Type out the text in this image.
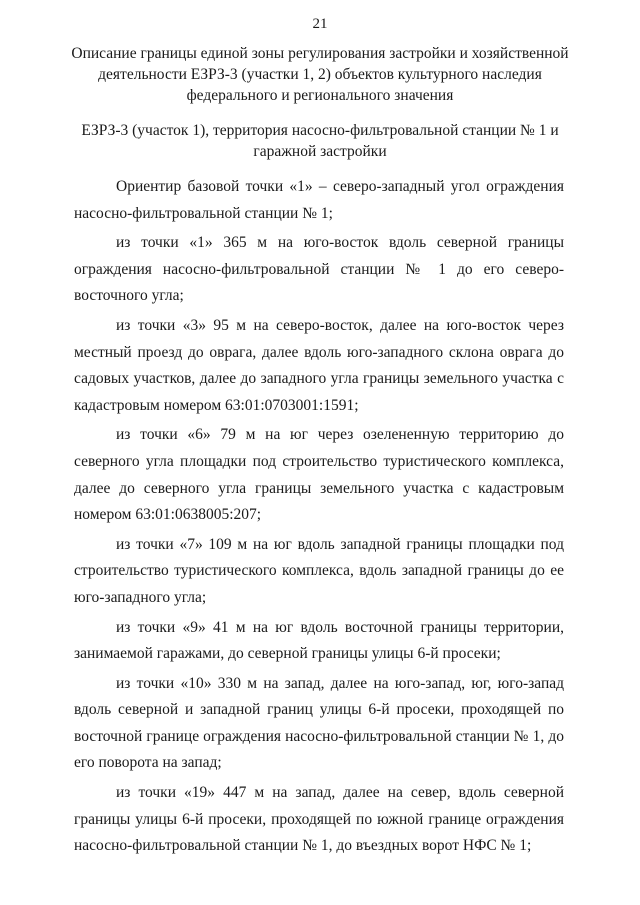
21
Описание границы единой зоны регулирования застройки и хозяйственной деятельности ЕЗРЗ-3 (участки 1, 2) объектов культурного наследия федерального и регионального значения
ЕЗРЗ-3 (участок 1), территория насосно-фильтровальной станции № 1 и гаражной застройки

Ориентир базовой точки «1» – северо-западный угол ограждения насосно-фильтровальной станции № 1;

из точки «1» 365 м на юго-восток вдоль северной границы ограждения насосно-фильтровальной станции № 1 до его северо-восточного угла;

из точки «3» 95 м на северо-восток, далее на юго-восток через местный проезд до оврага, далее вдоль юго-западного склона оврага до садовых участков, далее до западного угла границы земельного участка с кадастровым номером 63:01:0703001:1591;

из точки «6» 79 м на юг через озелененную территорию до северного угла площадки под строительство туристического комплекса, далее до северного угла границы земельного участка с кадастровым номером 63:01:0638005:207;

из точки «7» 109 м на юг вдоль западной границы площадки под строительство туристического комплекса, вдоль западной границы до ее юго-западного угла;

из точки «9» 41 м на юг вдоль восточной границы территории, занимаемой гаражами, до северной границы улицы 6-й просеки;

из точки «10» 330 м на запад, далее на юго-запад, юг, юго-запад вдоль северной и западной границ улицы 6-й просеки, проходящей по восточной границе ограждения насосно-фильтровальной станции № 1, до его поворота на запад;

из точки «19» 447 м на запад, далее на север, вдоль северной границы улицы 6-й просеки, проходящей по южной границе ограждения насосно-фильтровальной станции № 1, до въездных ворот НФС № 1;
